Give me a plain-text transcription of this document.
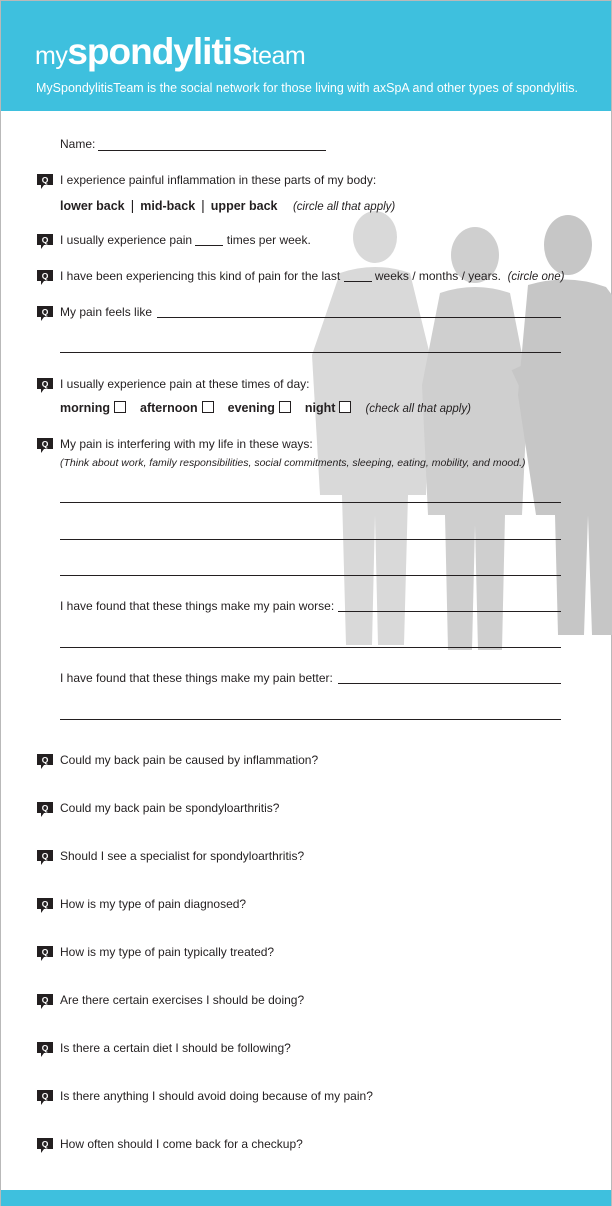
myspondylitisteam
MySpondylitisTeam is the social network for those living with axSpA and other types of spondylitis.
Name:
Q I experience painful inflammation in these parts of my body:
lower back | mid-back | upper back (circle all that apply)
Q I usually experience pain	times per week.
Q I have been experiencing this kind of pain for the last	weeks / months / years. (circle one)
Q My pain feels like
Q I usually experience pain at these times of day:
morning afternoon evening night	(check all that apply)
Q My pain is interfering with my life in these ways:
(Think about work, family responsibilities, social commitments, sleeping, eating, mobility, and mood.)
I have found that these things make my pain worse:
I have found that these things make my pain better:
Q Could my back pain be caused by inflammation?
Q Could my back pain be spondyloarthritis?
Q Should I see a specialist for spondyloarthritis?
Q How is my type of pain diagnosed?
Q How is my type of pain typically treated?
Q Are there certain exercises I should be doing?
Q Is there a certain diet I should be following?
Q Is there anything I should avoid doing because of my pain?
Q How often should I come back for a checkup?
